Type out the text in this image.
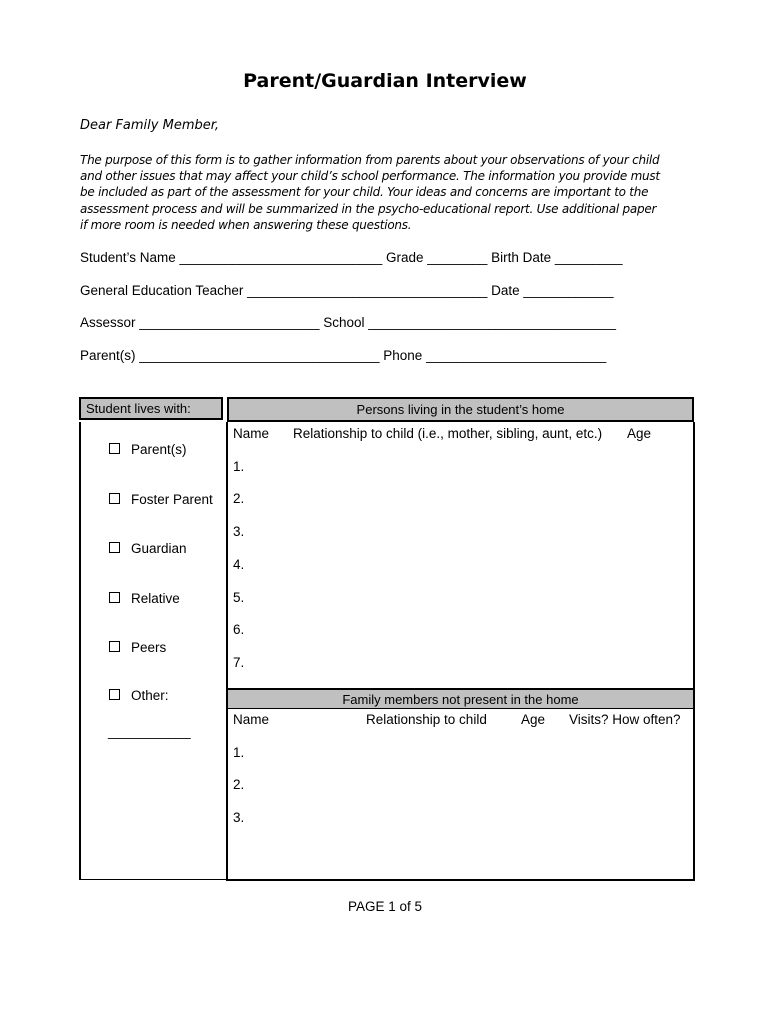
Parent/Guardian Interview
Dear Family Member,
The purpose of this form is to gather information from parents about your observations of your child
and other issues that may affect your child’s school performance. The information you provide must
be included as part of the assessment for your child. Your ideas and concerns are important to the
assessment process and will be summarized in the psycho-educational report. Use additional paper
if more room is needed when answering these questions.
Student’s Name ___________________________ Grade ________ Birth Date _________
General Education Teacher ________________________________ Date ____________
Assessor ________________________ School _________________________________
Parent(s) ________________________________ Phone ________________________
Student lives with:	Persons living in the student’s home
Parent(s)
Foster Parent
Guardian
Relative
Peers
Other:
___________
Name Relationship to child (i.e., mother, sibling, aunt, etc.) Age
1.
2.
3.
4.
5.
6.
7.
Family members not present in the home
Name	Relationship to child	Age Visits? How often?
1.
2.
3.
PAGE 1 of 5
